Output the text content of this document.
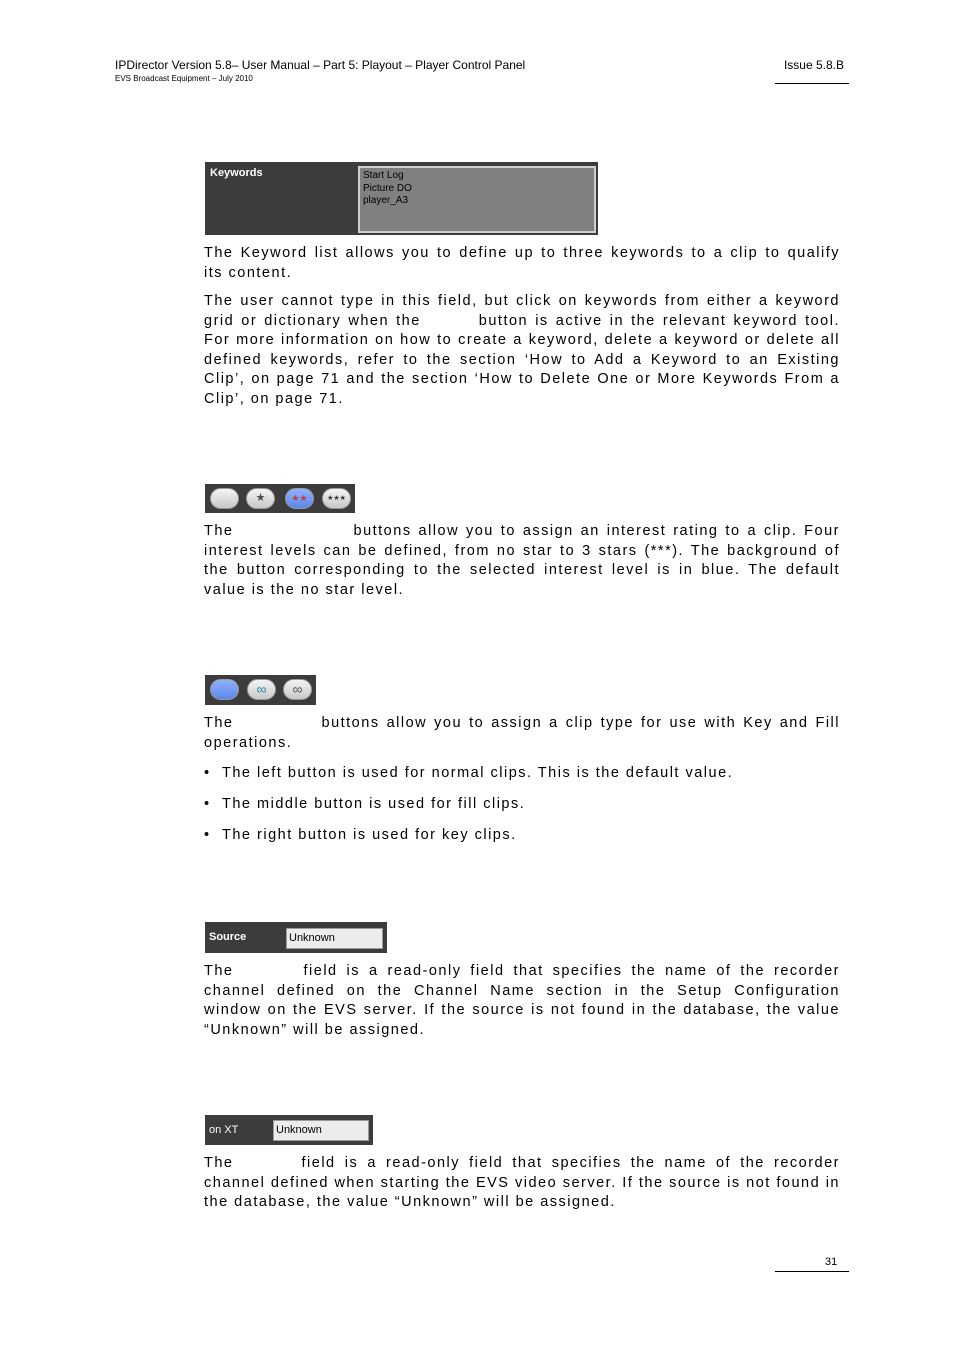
IPDirector Version 5.8– User Manual – Part 5: Playout – Player Control Panel
EVS Broadcast Equipment – July 2010
Issue 5.8.B
Keywords	Start Log
Picture DO
player_A3

The Keyword list allows you to define up to three keywords to a clip to qualify its content.

The user cannot type in this field, but click on keywords from either a keyword grid or dictionary when the	button is active in the relevant keyword tool. For more information on how to create a keyword, delete a keyword or delete all defined keywords, refer to the section ‘How to Add a Keyword to an Existing Clip’, on page 71 and the section ‘How to Delete One or More Keywords From a Clip’, on page 71.

★	★★	★★★

The	buttons allow you to assign an interest rating to a clip. Four interest levels can be defined, from no star to 3 stars (***). The background of the button corresponding to the selected interest level is in blue. The default value is the no star level.

∞	∞

The	buttons allow you to assign a clip type for use with Key and Fill operations.

• The left button is used for normal clips. This is the default value.
• The middle button is used for fill clips.
• The right button is used for key clips.
Source	Unknown

The	field is a read-only field that specifies the name of the recorder channel defined on the Channel Name section in the Setup Configuration window on the EVS server. If the source is not found in the database, the value “Unknown” will be assigned.

on XT	Unknown

The	field is a read-only field that specifies the name of the recorder channel defined when starting the EVS video server. If the source is not found in the database, the value “Unknown” will be assigned.

31
